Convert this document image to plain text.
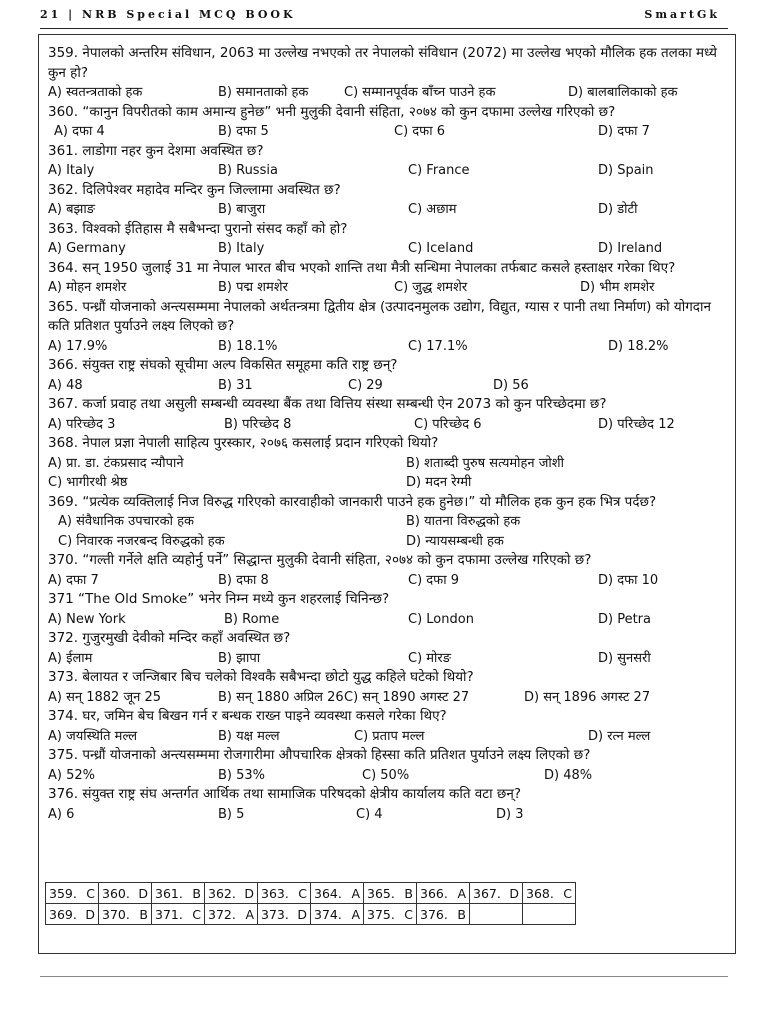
21 | NRB Special MCQ BOOK	SmartGk

359. नेपालको अन्तरिम संविधान, 2063 मा उल्लेख नभएको तर नेपालको संविधान (2072) मा उल्लेख भएको मौलिक हक तलका मध्ये कुन हो?

A) स्वतन्त्रताको हक	B) समानताको हक	C) सम्मानपूर्वक बाँच्न पाउने हक	D) बालबालिकाको हक

360. “कानुन विपरीतको काम अमान्य हुनेछ” भनी मुलुकी देवानी संहिता, २०७४ को कुन दफामा उल्लेख गरिएको छ?

A) दफा 4	B) दफा 5	C) दफा 6	D) दफा 7

361. लाडोगा नहर कुन देशमा अवस्थित छ?

A) Italy	B) Russia	C) France	D) Spain

362. दिलिपेश्वर महादेव मन्दिर कुन जिल्लामा अवस्थित छ?

A) बझाङ	B) बाजुरा	C) अछाम	D) डोटी

363. विश्वको ईतिहास मै सबैभन्दा पुरानो संसद कहाँ को हो?

A) Germany	B) Italy	C) Iceland	D) Ireland

364. सन् 1950 जुलाई 31 मा नेपाल भारत बीच भएको शान्ति तथा मैत्री सन्धिमा नेपालका तर्फबाट कसले हस्ताक्षर गरेका थिए?

A) मोहन शमशेर	B) पद्म शमशेर	C) जुद्ध शमशेर	D) भीम शमशेर

365. पन्ध्रौं योजनाको अन्त्यसम्ममा नेपालको अर्थतन्त्रमा द्वितीय क्षेत्र (उत्पादनमुलक उद्योग, विद्युत, ग्यास र पानी तथा निर्माण) को योगदान कति प्रतिशत पुर्याउने लक्ष्य लिएको छ?

A) 17.9%	B) 18.1%	C) 17.1%	D) 18.2%

366. संयुक्त राष्ट्र संघको सूचीमा अल्प विकसित समूहमा कति राष्ट्र छन्?

A) 48	B) 31	C) 29	D) 56

367. कर्जा प्रवाह तथा असुली सम्बन्धी व्यवस्था बैंक तथा वित्तिय संस्था सम्बन्धी ऐन 2073 को कुन परिच्छेदमा छ?

A) परिच्छेद 3	B) परिच्छेद 8	C) परिच्छेद 6	D) परिच्छेद 12

368. नेपाल प्रज्ञा नेपाली साहित्य पुरस्कार, २०७६ कसलाई प्रदान गरिएको थियो?

A) प्रा. डा. टंकप्रसाद न्यौपाने	B) शताब्दी पुरुष सत्यमोहन जोशी
C) भागीरथी श्रेष्ठ	D) मदन रेग्मी

369. “प्रत्येक व्यक्तिलाई निज विरुद्ध गरिएको कारवाहीको जानकारी पाउने हक हुनेछ।” यो मौलिक हक कुन हक भित्र पर्दछ?

A) संवैधानिक उपचारको हक	B) यातना विरुद्धको हक
C) निवारक नजरबन्द विरुद्धको हक	D) न्यायसम्बन्धी हक

370. “गल्ती गर्नेले क्षति व्यहोर्नु पर्ने” सिद्धान्त मुलुकी देवानी संहिता, २०७४ को कुन दफामा उल्लेख गरिएको छ?

A) दफा 7	B) दफा 8	C) दफा 9	D) दफा 10

371 “The Old Smoke” भनेर निम्न मध्ये कुन शहरलाई चिनिन्छ?

A) New York	B) Rome	C) London	D) Petra

372. गुजुरमुखी देवीको मन्दिर कहाँ अवस्थित छ?

A) ईलाम	B) झापा	C) मोरङ	D) सुनसरी

373. बेलायत र जन्जिबार बिच चलेको विश्वकै सबैभन्दा छोटो युद्ध कहिले घटेको थियो?

A) सन् 1882 जून 25	B) सन् 1880 अप्रिल 26 C) सन् 1890 अगस्ट 27	D) सन् 1896 अगस्ट 27

374. घर, जमिन बेच बिखन गर्न र बन्धक राख्न पाइने व्यवस्था कसले गरेका थिए?

A) जयस्थिति मल्ल	B) यक्ष मल्ल	C) प्रताप मल्ल	D) रत्न मल्ल

375. पन्ध्रौं योजनाको अन्त्यसम्ममा रोजगारीमा औपचारिक क्षेत्रको हिस्सा कति प्रतिशत पुर्याउने लक्ष्य लिएको छ?

A) 52%	B) 53%	C) 50%	D) 48%

376. संयुक्त राष्ट्र संघ अन्तर्गत आर्थिक तथा सामाजिक परिषदको क्षेत्रीय कार्यालय कति वटा छन्?

A) 6	B) 5	C) 4	D) 3
359. C	360. D	361. B	362. D	363. C	364. A	365. B	366. A	367. D	368. C

369. D	370. B	371. C	372. A	373. D	374. A	375. C	376. B		
